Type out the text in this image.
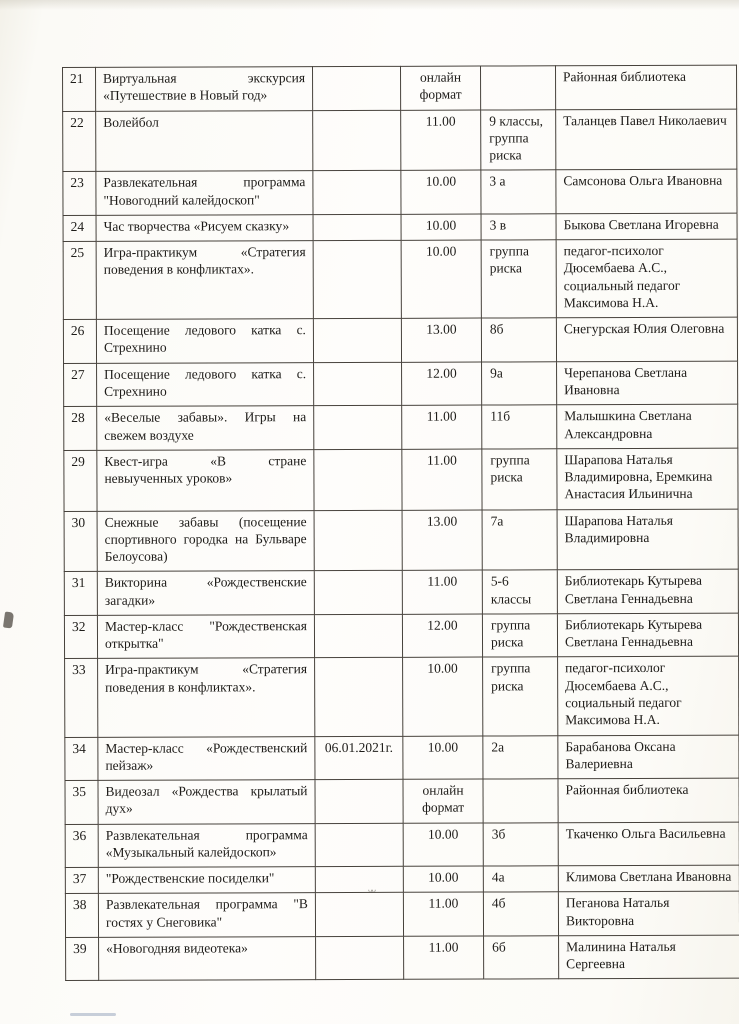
21	Виртуальная экскурсия «Путешествие в Новый год»		онлайн формат		Районная библиотека
22	Волейбол		11.00	9 классы, группа риска	Таланцев Павел Николаевич
23	Развлекательная программа "Новогодний калейдоскоп"		10.00	3 а	Самсонова Ольга Ивановна
24	Час творчества «Рисуем сказку»		10.00	3 в	Быкова Светлана Игоревна
25	Игра-практикум «Стратегия поведения в конфликтах».		10.00	группа риска	педагог-психолог Дюсембаева А.С., социальный педагог Максимова Н.А.
26	Посещение ледового катка с. Стрехнино		13.00	8б	Снегурская Юлия Олеговна
27	Посещение ледового катка с. Стрехнино		12.00	9а	Черепанова Светлана Ивановна
28	«Веселые забавы». Игры на свежем воздухе		11.00	11б	Малышкина Светлана Александровна
29	Квест-игра «В стране невыученных уроков»		11.00	группа риска	Шарапова Наталья Владимировна, Еремкина Анастасия Ильинична
30	Снежные забавы (посещение спортивного городка на Бульваре Белоусова)		13.00	7а	Шарапова Наталья Владимировна
31	Викторина «Рождественские загадки»		11.00	5-6 классы	Библиотекарь Кутырева Светлана Геннадьевна
32	Мастер-класс "Рождественская открытка"		12.00	группа риска	Библиотекарь Кутырева Светлана Геннадьевна
33	Игра-практикум «Стратегия поведения в конфликтах».		10.00	группа риска	педагог-психолог Дюсембаева А.С., социальный педагог Максимова Н.А.
34	Мастер-класс «Рождественский пейзаж»	06.01.2021г.	10.00	2а	Барабанова Оксана Валериевна
35	Видеозал «Рождества крылатый дух»		онлайн формат		Районная библиотека
36	Развлекательная программа «Музыкальный калейдоскоп»		10.00	3б	Ткаченко Ольга Васильевна
37	"Рождественские посиделки"		10.00	4а	Климова Светлана Ивановна
38	Развлекательная программа "В гостях у Снеговика"		11.00	4б	Пеганова Наталья Викторовна
39	«Новогодняя видеотека»		11.00	6б	Малинина Наталья Сергеевна
ᴗᴗ
